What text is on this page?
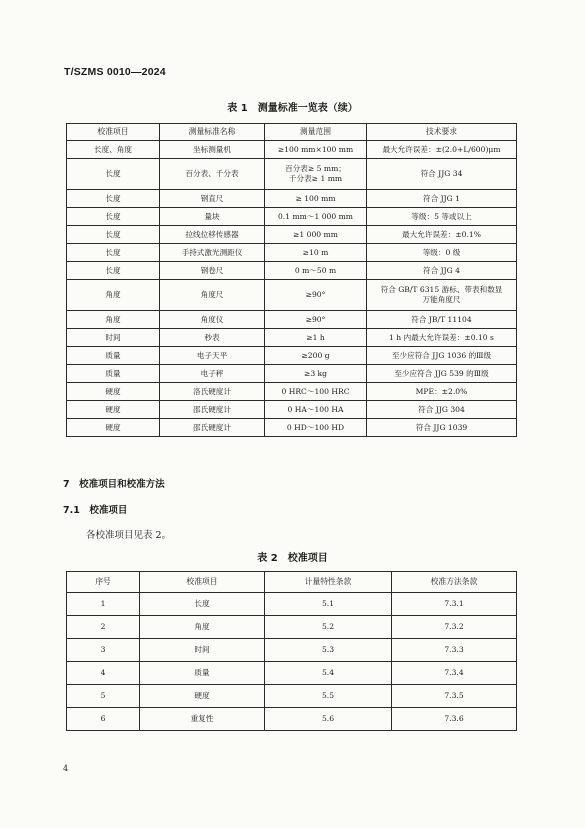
T/SZMS 0010—2024
表 1　测量标准一览表（续）
校准项目	测量标准名称	测量范围	技术要求
长度、角度	坐标测量机	≥100 mm×100 mm	最大允许误差：±(2.0+L/600)μm
长度	百分表、千分表	百分表≥ 5 mm；
千分表≥ 1 mm	符合 JJG 34
长度	钢直尺	≥ 100 mm	符合 JJG 1
长度	量块	0.1 mm～1 000 mm	等级：5 等或以上
长度	拉线位移传感器	≥1 000 mm	最大允许误差：±0.1%
长度	手持式激光测距仪	≥10 m	等级：0 级
长度	钢卷尺	0 m～50 m	符合 JJG 4
角度	角度尺	≥90°	符合 GB/T 6315 游标、带表和数显
万能角度尺
角度	角度仪	≥90°	符合 JB/T 11104
时间	秒表	≥1 h	1 h 内最大允许误差：±0.10 s
质量	电子天平	≥200 g	至少应符合 JJG 1036 的Ⅲ级
质量	电子秤	≥3 kg	至少应符合 JJG 539 的Ⅲ级
硬度	洛氏硬度计	0 HRC～100 HRC	MPE：±2.0%
硬度	邵氏硬度计	0 HA～100 HA	符合 JJG 304
硬度	邵氏硬度计	0 HD～100 HD	符合 JJG 1039
7　校准项目和校准方法
7.1　校准项目
各校准项目见表 2。
表 2　校准项目
序号	校准项目	计量特性条款	校准方法条款
1	长度	5.1	7.3.1
2	角度	5.2	7.3.2
3	时间	5.3	7.3.3
4	质量	5.4	7.3.4
5	硬度	5.5	7.3.5
6	重复性	5.6	7.3.6
4
